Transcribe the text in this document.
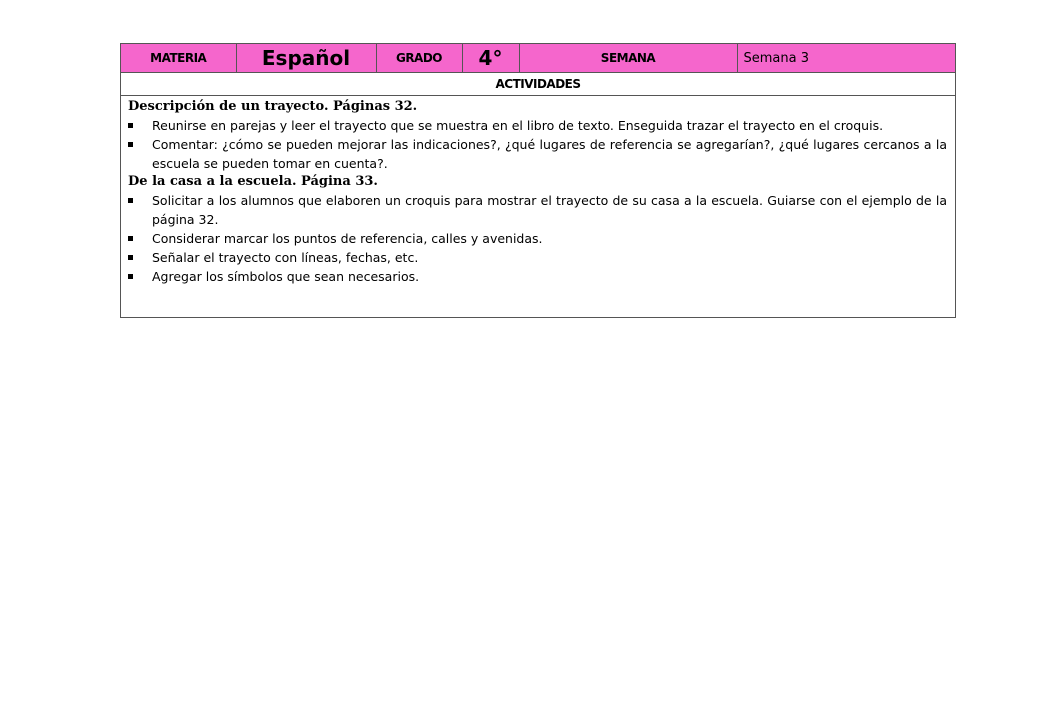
MATERIA	Español	GRADO	4°	SEMANA	Semana 3
ACTIVIDADES
Descripción de un trayecto. Páginas 32.
Reunirse en parejas y leer el trayecto que se muestra en el libro de texto. Enseguida trazar el trayecto en el croquis.
Comentar: ¿cómo se pueden mejorar las indicaciones?, ¿qué lugares de referencia se agregarían?, ¿qué lugares cercanos a la escuela se pueden tomar en cuenta?.
De la casa a la escuela. Página 33.
Solicitar a los alumnos que elaboren un croquis para mostrar el trayecto de su casa a la escuela. Guiarse con el ejemplo de la página 32.
Considerar marcar los puntos de referencia, calles y avenidas.
Señalar el trayecto con líneas, fechas, etc.
Agregar los símbolos que sean necesarios.
